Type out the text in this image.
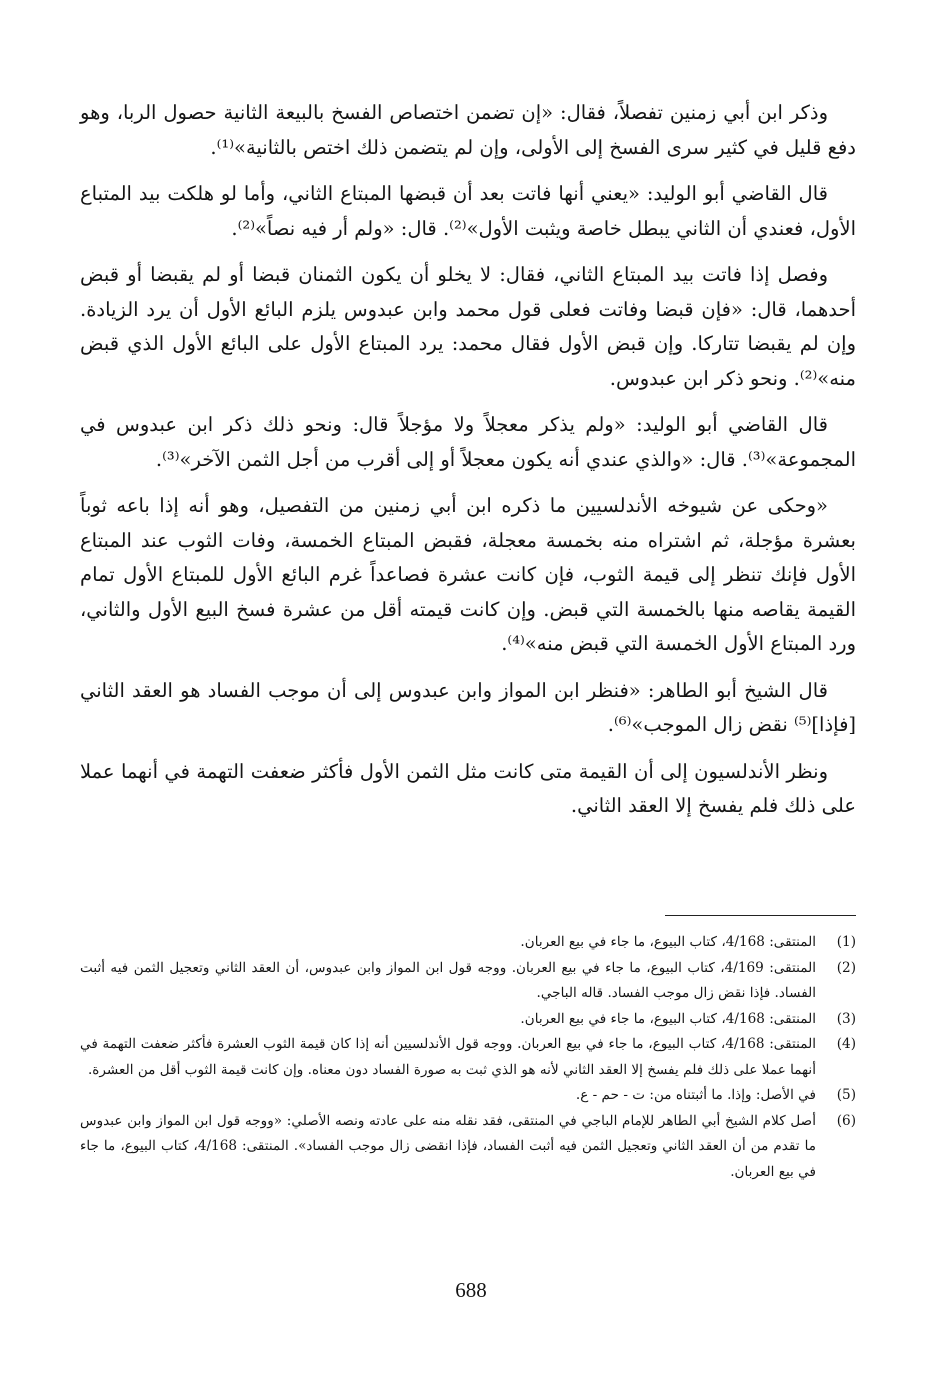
وذكر ابن أبي زمنين تفصلاً، فقال: «إن تضمن اختصاص الفسخ بالبيعة الثانية حصول الربا، وهو دفع قليل في كثير سرى الفسخ إلى الأولى، وإن لم يتضمن ذلك اختص بالثانية»⁽¹⁾.

قال القاضي أبو الوليد: «يعني أنها فاتت بعد أن قبضها المبتاع الثاني، وأما لو هلكت بيد المتباع الأول، فعندي أن الثاني يبطل خاصة ويثبت الأول»⁽²⁾. قال: «ولم أر فيه نصاً»⁽²⁾.

وفصل إذا فاتت بيد المبتاع الثاني، فقال: لا يخلو أن يكون الثمنان قبضا أو لم يقبضا أو قبض أحدهما، قال: «فإن قبضا وفاتت فعلى قول محمد وابن عبدوس يلزم البائع الأول أن يرد الزيادة. وإن لم يقبضا تتاركا. وإن قبض الأول فقال محمد: يرد المبتاع الأول على البائع الأول الذي قبض منه»⁽²⁾. ونحو ذكر ابن عبدوس.

قال القاضي أبو الوليد: «ولم يذكر معجلاً ولا مؤجلاً قال: ونحو ذلك ذكر ابن عبدوس في المجموعة»⁽³⁾. قال: «والذي عندي أنه يكون معجلاً أو إلى أقرب من أجل الثمن الآخر»⁽³⁾.

«وحكى عن شيوخه الأندلسيين ما ذكره ابن أبي زمنين من التفصيل، وهو أنه إذا باعه ثوباً بعشرة مؤجلة، ثم اشتراه منه بخمسة معجلة، فقبض المبتاع الخمسة، وفات الثوب عند المبتاع الأول فإنك تنظر إلى قيمة الثوب، فإن كانت عشرة فصاعداً غرم البائع الأول للمبتاع الأول تمام القيمة يقاصه منها بالخمسة التي قبض. وإن كانت قيمته أقل من عشرة فسخ البيع الأول والثاني، ورد المبتاع الأول الخمسة التي قبض منه»⁽⁴⁾.

قال الشيخ أبو الطاهر: «فنظر ابن المواز وابن عبدوس إلى أن موجب الفساد هو العقد الثاني [فإذا]⁽⁵⁾ نقض زال الموجب»⁽⁶⁾.

ونظر الأندلسيون إلى أن القيمة متى كانت مثل الثمن الأول فأكثر ضعفت التهمة في أنهما عملا على ذلك فلم يفسخ إلا العقد الثاني.

(1)
المنتقى: 4/168، كتاب البيوع، ما جاء في بيع العربان.
(2)
المنتقى: 4/169، كتاب البيوع، ما جاء في بيع العربان. ووجه قول ابن المواز وابن عبدوس، أن العقد الثاني وتعجيل الثمن فيه أثبت الفساد. فإذا نقض زال موجب الفساد. قاله الباجي.
(3)
المنتقى: 4/168، كتاب البيوع، ما جاء في بيع العربان.
(4)
المنتقى: 4/168، كتاب البيوع، ما جاء في بيع العربان. ووجه قول الأندلسيين أنه إذا كان قيمة الثوب العشرة فأكثر ضعفت التهمة في أنهما عملا على ذلك فلم يفسخ إلا العقد الثاني لأنه هو الذي ثبت به صورة الفساد دون معناه. وإن كانت قيمة الثوب أقل من العشرة.
(5)
في الأصل: وإذا. ما أثبتناه من: ت - حم - ع.
(6)
أصل كلام الشيخ أبي الطاهر للإمام الباجي في المنتقى، فقد نقله منه على عادته ونصه الأصلي: «ووجه قول ابن المواز وابن عبدوس ما تقدم من أن العقد الثاني وتعجيل الثمن فيه أثبت الفساد، فإذا انقضى زال موجب الفساد». المنتقى: 4/168، كتاب البيوع، ما جاء في بيع العربان.
688
